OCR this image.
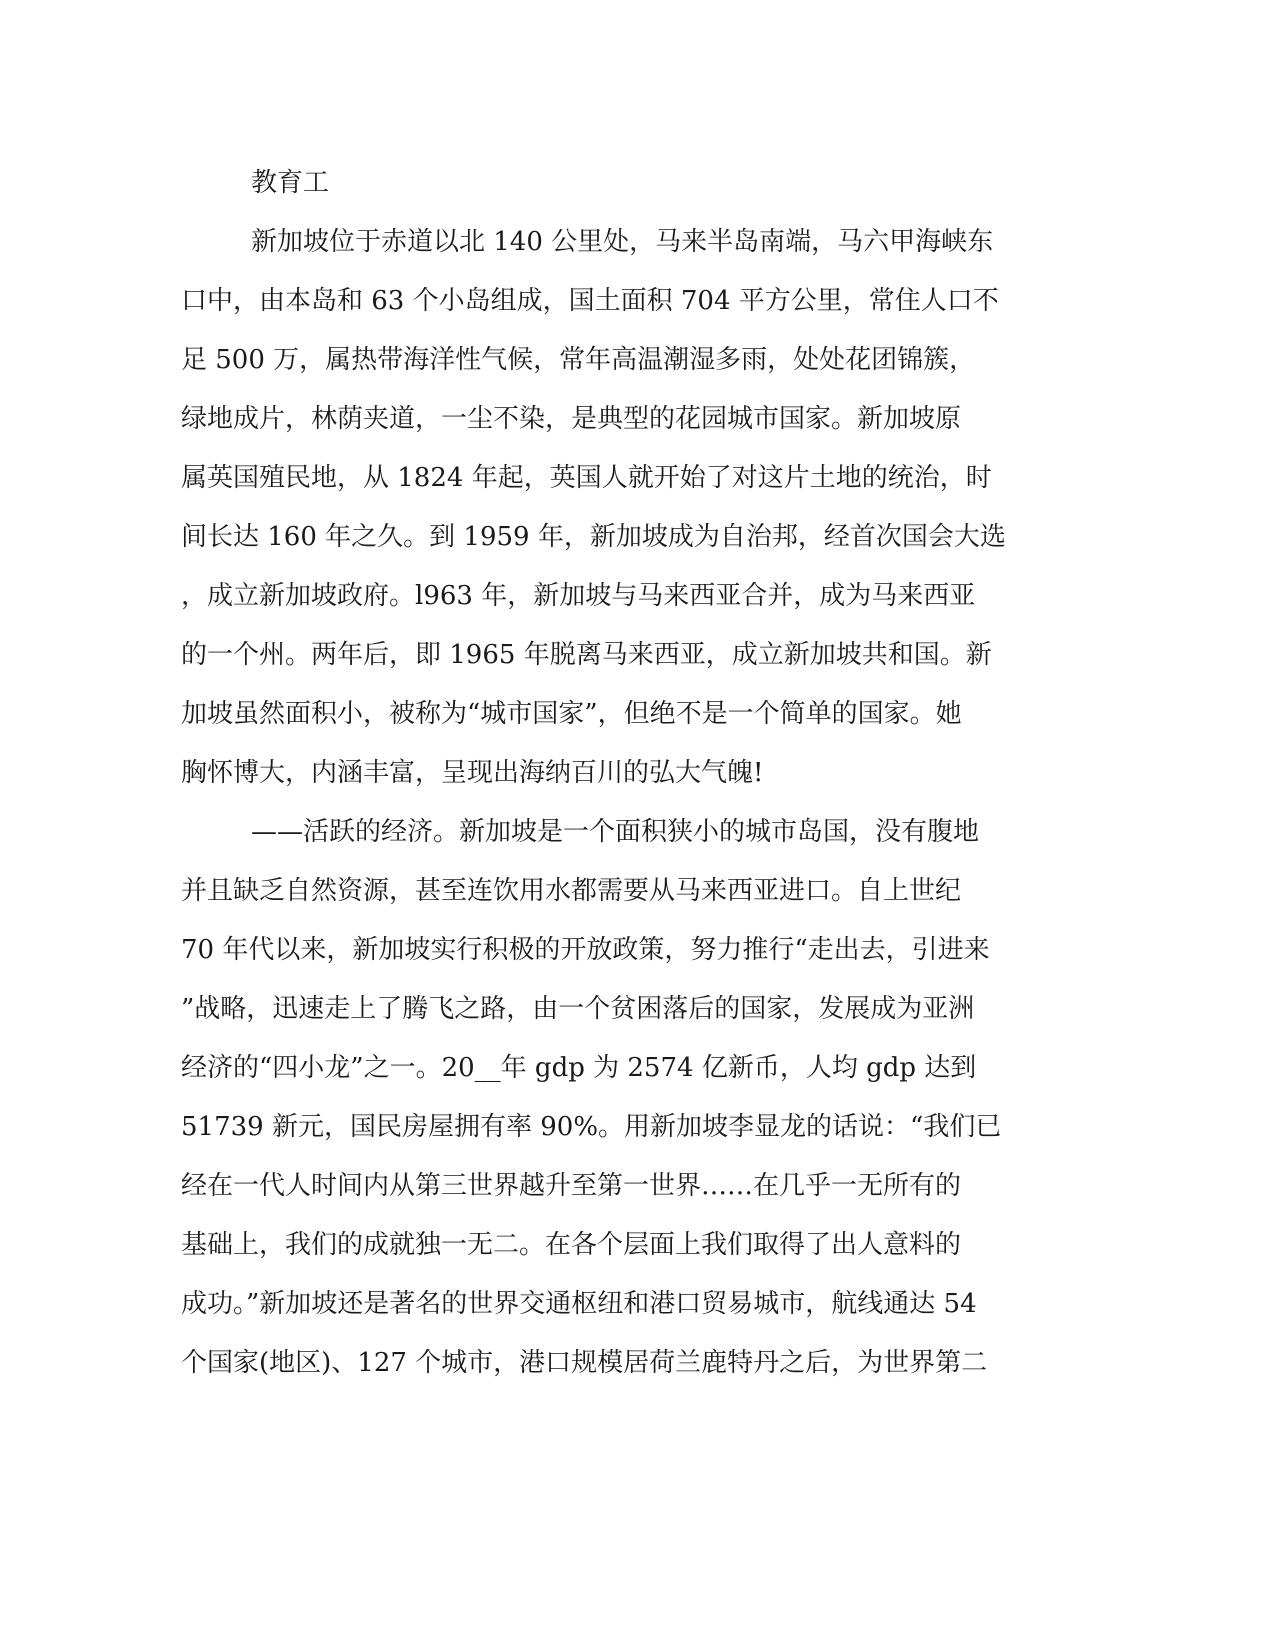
教育工

新加坡位于赤道以北 140 公里处，马来半岛南端，马六甲海峡东

口中，由本岛和 63 个小岛组成，国土面积 704 平方公里，常住人口不

足 500 万，属热带海洋性气候，常年高温潮湿多雨，处处花团锦簇，

绿地成片，林荫夹道，一尘不染，是典型的花园城市国家。新加坡原

属英国殖民地，从 1824 年起，英国人就开始了对这片土地的统治，时

间长达 160 年之久。到 1959 年，新加坡成为自治邦，经首次国会大选

，成立新加坡政府。l963 年，新加坡与马来西亚合并，成为马来西亚

的一个州。两年后，即 1965 年脱离马来西亚，成立新加坡共和国。新

加坡虽然面积小，被称为“城市国家”，但绝不是一个简单的国家。她

胸怀博大，内涵丰富，呈现出海纳百川的弘大气魄!

——活跃的经济。新加坡是一个面积狭小的城市岛国，没有腹地

并且缺乏自然资源，甚至连饮用水都需要从马来西亚进口。自上世纪

70 年代以来，新加坡实行积极的开放政策，努力推行“走出去，引进来

”战略，迅速走上了腾飞之路，由一个贫困落后的国家，发展成为亚洲

经济的“四小龙”之一。20__年 gdp 为 2574 亿新币，人均 gdp 达到

51739 新元，国民房屋拥有率 90%。用新加坡李显龙的话说：“我们已

经在一代人时间内从第三世界越升至第一世界……在几乎一无所有的

基础上，我们的成就独一无二。在各个层面上我们取得了出人意料的

成功。”新加坡还是著名的世界交通枢纽和港口贸易城市，航线通达 54

个国家(地区)、127 个城市，港口规模居荷兰鹿特丹之后，为世界第二
